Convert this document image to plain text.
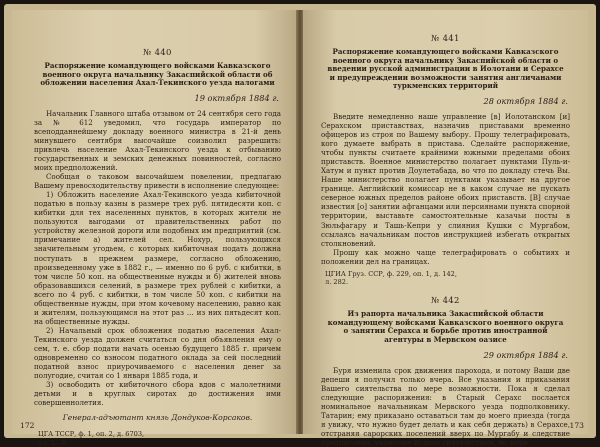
№ 440
Распоряжение командующего войсками Кавказского военного округа начальнику Закаспийской области об обложении населения Ахал-Текинского уезда налогами
19 октября 1884 г.

Начальник Главного штаба отзывом от 24 сентября сего года за № 612 уведомил, что государь император по всеподданнейшему докладу военного министра в 21-й день минувшего сентября высочайше соизволил разрешить: привлечь население Ахал-Текинского уезда к отбыванию государственных и земских денежных повинностей, согласно моих предположений.

Сообщая о таковом высочайшем повелении, предлагаю Вашему превосходительству привести в исполнение следующее:

1) Обложить население Ахал-Текинского уезда кибиточной податью в пользу казны в размере трех руб. пятидесяти коп. с кибитки для тех населенных пунктов, в которых жители не пользуются выгодами от правительственных работ по устройству железной дороги или подобных им предприятий (см. примечание а) жителей сел. Нохур, пользующихся значительным угодьем, с которых кибиточная подать должна поступать в прежнем размере, согласно обложению, произведенному уже в 1882 г., — именно по 6 руб. с кибитки, в том числе 50 коп. на общественные нужды и б) жителей вновь образовавшихся селений, в размере трех рублей с кибитки, а всего по 4 руб. с кибитки, в том числе 50 коп. с кибитки на общественные нужды, при этом кочевому населению, равно как и жителям, пользующимся на этот раз ... из них пятьдесят коп. на общественные нужды.

2) Начальный срок обложения податью населения Ахал-Текинского уезда должен считаться со дня объявления ему о сем, т. е. сбор подати начать осенью будущего 1885 г. причем одновременно со взносом податного оклада за сей последний податной взнос приурочиваемого с населения денег за полугодие, считая со 1 января 1885 года, и

3) освободить от кибиточного сбора вдов с малолетними детьми и в круглых сиротах до достижения ими совершеннолетия.

Генерал-адъютант князь Дондуков-Корсаков.
ЦГА ТССР, ф. 1, оп. 2, д. 6703,
лл. 5—6.
172
№ 441
Распоряжение командующего войсками Кавказского военного округа начальнику Закаспийской области о введении русской администрации в Иолотани и Серахсе и предупреждении возможности занятия англичанами туркменских территорий
28 октября 1884 г.

Введите немедленно наше управление [в] Иолотанском [и] Серахском приставствах, назначив приставами временно офицеров из строя по Вашему выбору. Прошу телеграфировать, кого думаете выбрать в пристава. Сделайте распоряжение, чтобы пункты считаете крайними южными пределами обоих приставств. Военное министерство полагает пунктами Пуль-и-Хатум и пункт против Доулетабада, во что по докладу стечь Вы. Наше министерство полагает пунктами указывает на другое границе. Английский комиссар не в каком случае не пускать северное южных пределов районе обоих приставств. [В] случае известия [о] занятии афганцами или персиянами пункта спорной территории, выставьте самостоятельные казачьи посты в Зюльфагару и Ташь-Кепри у слияния Кушки с Мургабом, ссылаясь начальникам постов инструкцией избегать открытых столкновений.

Прошу как можно чаще телеграфировать о событиях и положении дел на границах.

ЦГИА Груз. ССР, ф. 229, оп. 1, д. 142,
л. 282.
№ 442
Из рапорта начальника Закаспийской области командующему войсками Кавказского военного округа о занятии Серахса и борьбе против иностранной агентуры в Мервском оазисе
29 октября 1884 г.

Буря изменила срок движения парохода, и потому Ваши две депеши я получил только вчера. Все указания и приказания Вашего сиятельства по мере возможности. Пока я сделал следующие распоряжения: в Старый Серахс послается номинальное начальникам Мервского уезда подполковнику. Татарин; ему приказано оставаться там до моего приезда (тогда я увижу, что нужно будет делать и как себя держать) в Серахсе, отстраняя сарорских поселений вверх по Мургабу и следствие предписание, уважение Вашим сиятельством, по мере

173
